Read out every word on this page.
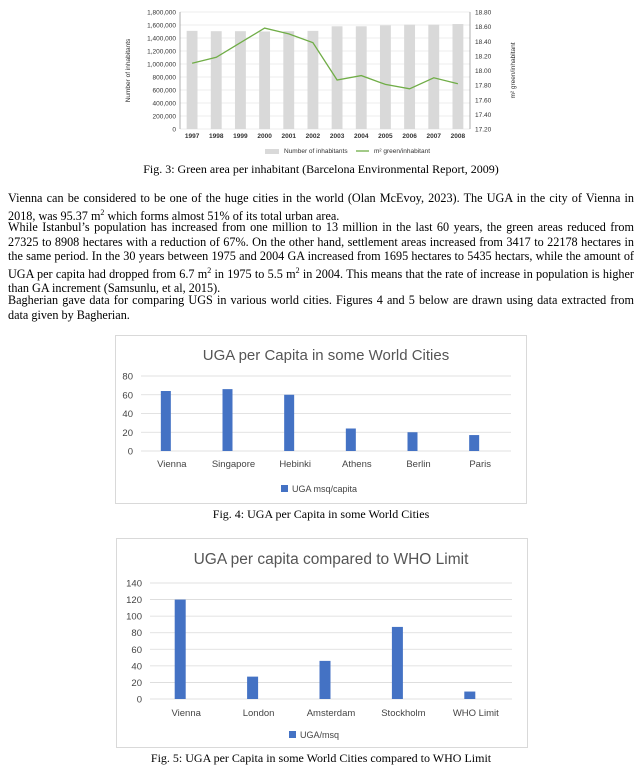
0
200,000
400,000
600,000
800,000
1,000,000
1,200,000
1,400,000
1,600,000
1,800,000
17.20
17.40
17.60
17.80
18.00
18.20
18.40
18.60
18.80
1997 1998 1999 2000 2001 2002 2003 2004 2005 2006 2007 2008
Number of inhabitants	m² green/inhabitant
Number of inhabitants	m² green/inhabitant
Fig. 3: Green area per inhabitant (Barcelona Environmental Report, 2009)
Vienna can be considered to be one of the huge cities in the world (Olan McEvoy, 2023). The UGA in the city of Vienna in 2018, was 95.37 $m^2$ which forms almost 51% of its total urban area.
While Istanbul’s population has increased from one million to 13 million in the last 60 years, the green areas reduced from 27325 to 8908 hectares with a reduction of 67%. On the other hand, settlement areas increased from 3417 to 22178 hectares in the same period. In the 30 years between 1975 and 2004 GA increased from 1695 hectares to 5435 hectars, while the amount of UGA per capita had dropped from 6.7 $m^2$ in 1975 to 5.5 $m^2$ in 2004. This means that the rate of increase in population is higher than GA increment (Samsunlu, et al, 2015).
Bagherian gave data for comparing UGS in various world cities. Figures 4 and 5 below are drawn using data extracted from data given by Bagherian.
UGA per Capita in some World Cities
0
20
40
60
80
Vienna	Singapore	Hebinki	Athens	Berlin	Paris
UGA msq/capita
Fig. 4: UGA per Capita in some World Cities
UGA per capita compared to WHO Limit
0
20
40
60
80
100
120
140
Vienna	London	Amsterdam	Stockholm	WHO Limit
UGA/msq
Fig. 5: UGA per Capita in some World Cities compared to WHO Limit
